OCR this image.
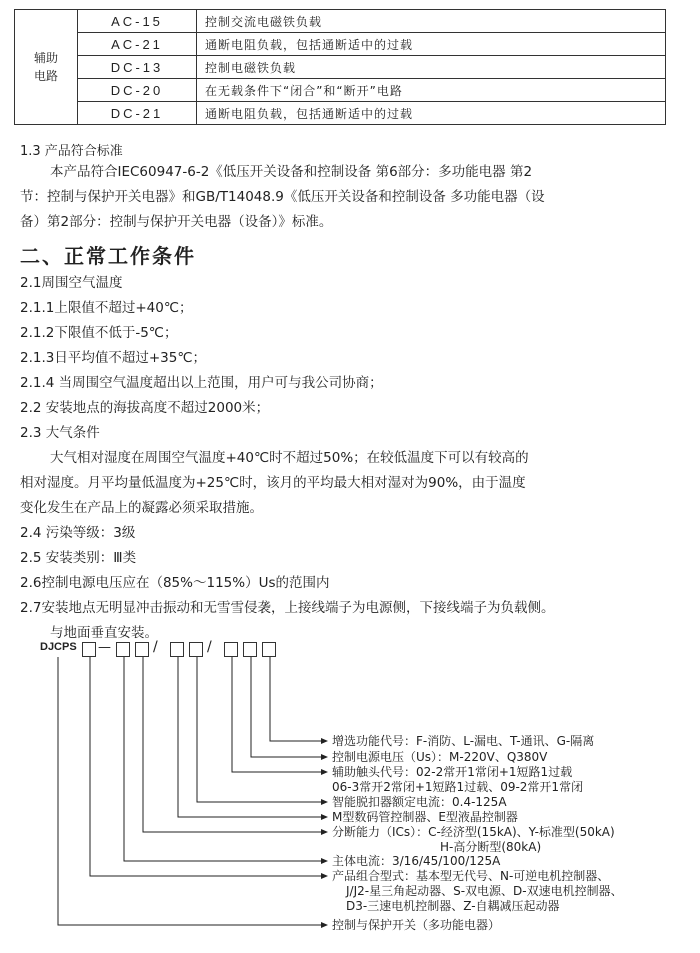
辅助
电路	AC-15	控制交流电磁铁负载
	AC-21	通断电阻负载，包括通断适中的过载
	DC-13	控制电磁铁负载
	DC-20	在无载条件下“闭合”和“断开”电路
	DC-21	通断电阻负载，包括通断适中的过载
1.3 产品符合标准
本产品符合IEC60947-6-2《低压开关设备和控制设备 第6部分：多功能电器 第2
节：控制与保护开关电器》和GB/T14048.9《低压开关设备和控制设备 多功能电器（设
备）第2部分：控制与保护开关电器（设备）》标准。
二、正常工作条件
2.1周围空气温度
2.1.1上限值不超过+40℃；
2.1.2下限值不低于-5℃；
2.1.3日平均值不超过+35℃；
2.1.4 当周围空气温度超出以上范围，用户可与我公司协商；
2.2 安装地点的海拔高度不超过2000米；
2.3 大气条件
大气相对湿度在周围空气温度+40℃时不超过50%；在较低温度下可以有较高的
相对湿度。月平均量低温度为+25℃时，该月的平均最大相对湿对为90%，由于温度
变化发生在产品上的凝露必须采取措施。
2.4 污染等级：3级
2.5 安装类别：Ⅲ类
2.6控制电源电压应在（85%～115%）Us的范围内
2.7安装地点无明显冲击振动和无雪雪侵袭，上接线端子为电源侧，下接线端子为负载侧。
与地面垂直安装。
DJCPS —	/	/
增选功能代号：F-消防、L-漏电、T-通讯、G-隔离
控制电源电压（Us）：M-220V、Q380V
辅助触头代号：02-2常开1常闭+1短路1过载
06-3常开2常闭+1短路1过载、09-2常开1常闭
智能脱扣器额定电流：0.4-125A
M型数码管控制器、E型液晶控制器
分断能力（ICs）：C-经济型(15kA)、Y-标准型(50kA)
H-高分断型(80kA)
主体电流：3/16/45/100/125A
产品组合型式：基本型无代号、N-可逆电机控制器、
J/J2-星三角起动器、S-双电源、D-双速电机控制器、
D3-三速电机控制器、Z-自耦减压起动器
控制与保护开关（多功能电器）
